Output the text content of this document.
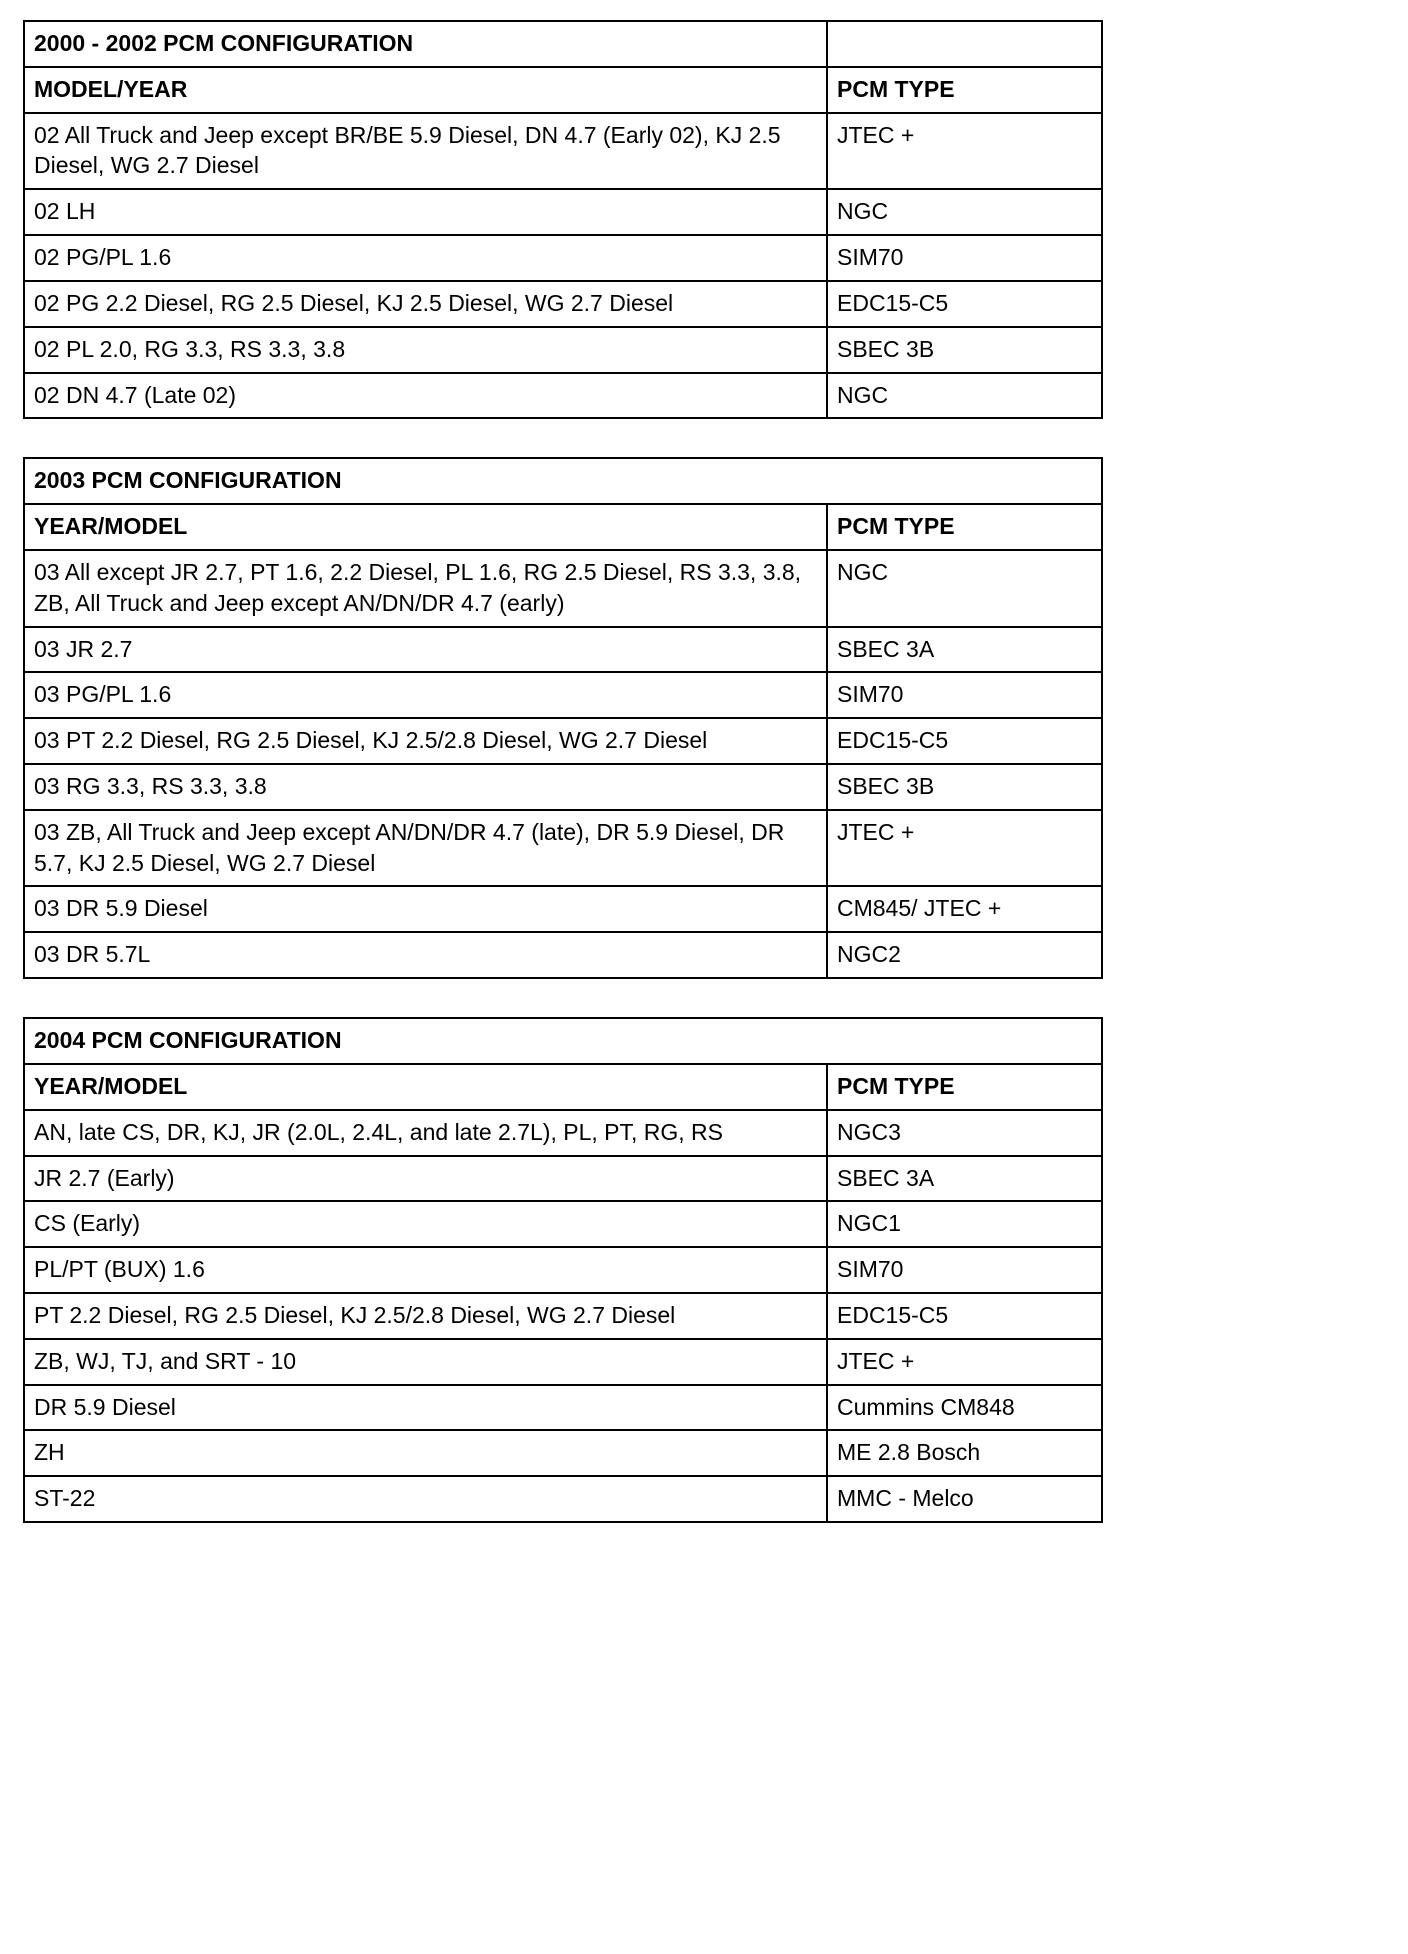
2000 - 2002 PCM CONFIGURATION	
MODEL/YEAR	PCM TYPE
02 All Truck and Jeep except BR/BE 5.9 Diesel, DN 4.7 (Early 02), KJ 2.5 Diesel, WG 2.7 Diesel	JTEC +
02 LH	NGC
02 PG/PL 1.6	SIM70
02 PG 2.2 Diesel, RG 2.5 Diesel, KJ 2.5 Diesel, WG 2.7 Diesel	EDC15-C5
02 PL 2.0, RG 3.3, RS 3.3, 3.8	SBEC 3B
02 DN 4.7 (Late 02)	NGC
2003 PCM CONFIGURATION	
YEAR/MODEL	PCM TYPE
03 All except JR 2.7, PT 1.6, 2.2 Diesel, PL 1.6, RG 2.5 Diesel, RS 3.3, 3.8, ZB, All Truck and Jeep except AN/DN/DR 4.7 (early)	NGC
03 JR 2.7	SBEC 3A
03 PG/PL 1.6	SIM70
03 PT 2.2 Diesel, RG 2.5 Diesel, KJ 2.5/2.8 Diesel, WG 2.7 Diesel	EDC15-C5
03 RG 3.3, RS 3.3, 3.8	SBEC 3B
03 ZB, All Truck and Jeep except AN/DN/DR 4.7 (late), DR 5.9 Diesel, DR 5.7, KJ 2.5 Diesel, WG 2.7 Diesel	JTEC +
03 DR 5.9 Diesel	CM845/ JTEC +
03 DR 5.7L	NGC2
2004 PCM CONFIGURATION	
YEAR/MODEL	PCM TYPE
AN, late CS, DR, KJ, JR (2.0L, 2.4L, and late 2.7L), PL, PT, RG, RS	NGC3
JR 2.7 (Early)	SBEC 3A
CS (Early)	NGC1
PL/PT (BUX) 1.6	SIM70
PT 2.2 Diesel, RG 2.5 Diesel, KJ 2.5/2.8 Diesel, WG 2.7 Diesel	EDC15-C5
ZB, WJ, TJ, and SRT - 10	JTEC +
DR 5.9 Diesel	Cummins CM848
ZH	ME 2.8 Bosch
ST-22	MMC - Melco
